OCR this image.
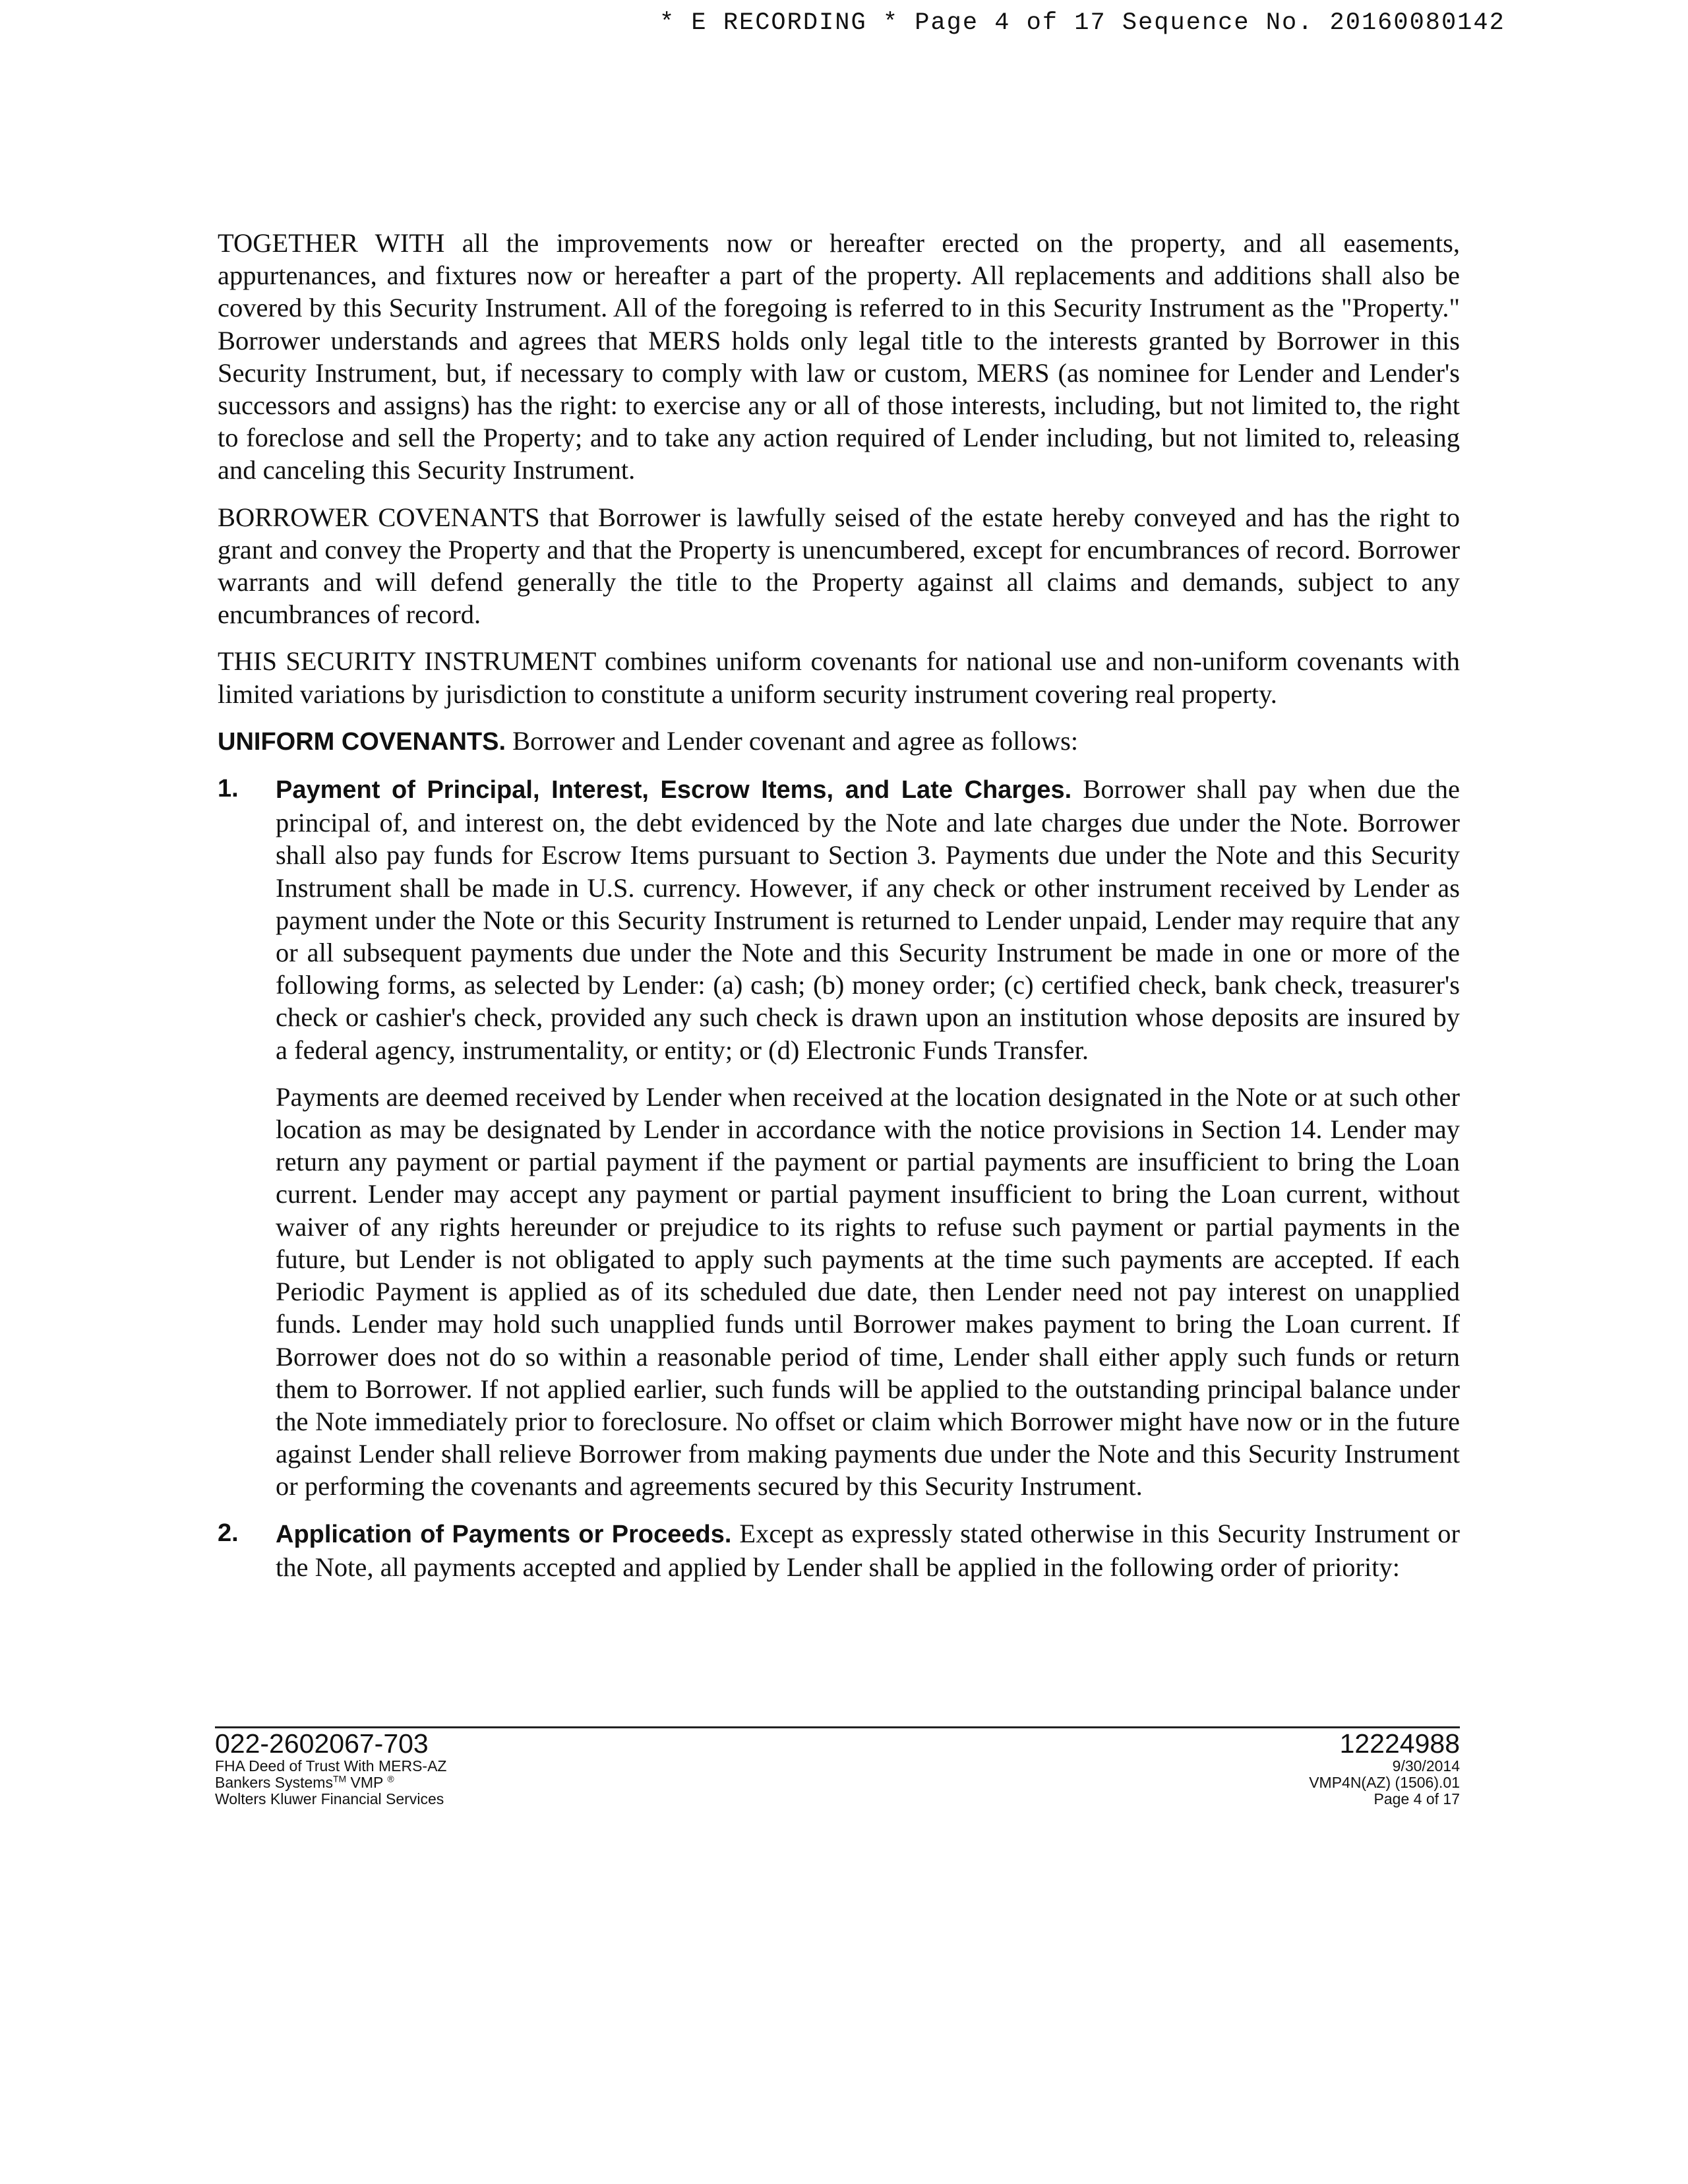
* E RECORDING * Page 4 of 17 Sequence No. 20160080142

TOGETHER WITH all the improvements now or hereafter erected on the property, and all easements, appurtenances, and fixtures now or hereafter a part of the property. All replacements and additions shall also be covered by this Security Instrument. All of the foregoing is referred to in this Security Instrument as the "Property." Borrower understands and agrees that MERS holds only legal title to the interests granted by Borrower in this Security Instrument, but, if necessary to comply with law or custom, MERS (as nominee for Lender and Lender's successors and assigns) has the right: to exercise any or all of those interests, including, but not limited to, the right to foreclose and sell the Property; and to take any action required of Lender including, but not limited to, releasing and canceling this Security Instrument.

BORROWER COVENANTS that Borrower is lawfully seised of the estate hereby conveyed and has the right to grant and convey the Property and that the Property is unencumbered, except for encumbrances of record. Borrower warrants and will defend generally the title to the Property against all claims and demands, subject to any encumbrances of record.

THIS SECURITY INSTRUMENT combines uniform covenants for national use and non-uniform covenants with limited variations by jurisdiction to constitute a uniform security instrument covering real property.

UNIFORM COVENANTS. Borrower and Lender covenant and agree as follows:

1. Payment of Principal, Interest, Escrow Items, and Late Charges. Borrower shall pay when due the principal of, and interest on, the debt evidenced by the Note and late charges due under the Note. Borrower shall also pay funds for Escrow Items pursuant to Section 3. Payments due under the Note and this Security Instrument shall be made in U.S. currency. However, if any check or other instrument received by Lender as payment under the Note or this Security Instrument is returned to Lender unpaid, Lender may require that any or all subsequent payments due under the Note and this Security Instrument be made in one or more of the following forms, as selected by Lender: (a) cash; (b) money order; (c) certified check, bank check, treasurer's check or cashier's check, provided any such check is drawn upon an institution whose deposits are insured by a federal agency, instrumentality, or entity; or (d) Electronic Funds Transfer.

Payments are deemed received by Lender when received at the location designated in the Note or at such other location as may be designated by Lender in accordance with the notice provisions in Section 14. Lender may return any payment or partial payment if the payment or partial payments are insufficient to bring the Loan current. Lender may accept any payment or partial payment insufficient to bring the Loan current, without waiver of any rights hereunder or prejudice to its rights to refuse such payment or partial payments in the future, but Lender is not obligated to apply such payments at the time such payments are accepted. If each Periodic Payment is applied as of its scheduled due date, then Lender need not pay interest on unapplied funds. Lender may hold such unapplied funds until Borrower makes payment to bring the Loan current. If Borrower does not do so within a reasonable period of time, Lender shall either apply such funds or return them to Borrower. If not applied earlier, such funds will be applied to the outstanding principal balance under the Note immediately prior to foreclosure. No offset or claim which Borrower might have now or in the future against Lender shall relieve Borrower from making payments due under the Note and this Security Instrument or performing the covenants and agreements secured by this Security Instrument.

2. Application of Payments or Proceeds. Except as expressly stated otherwise in this Security Instrument or the Note, all payments accepted and applied by Lender shall be applied in the following order of priority:

022-2602067-703
FHA Deed of Trust With MERS-AZ
Bankers Systems™ VMP ®
Wolters Kluwer Financial Services
12224988
9/30/2014
VMP4N(AZ) (1506).01
Page 4 of 17
